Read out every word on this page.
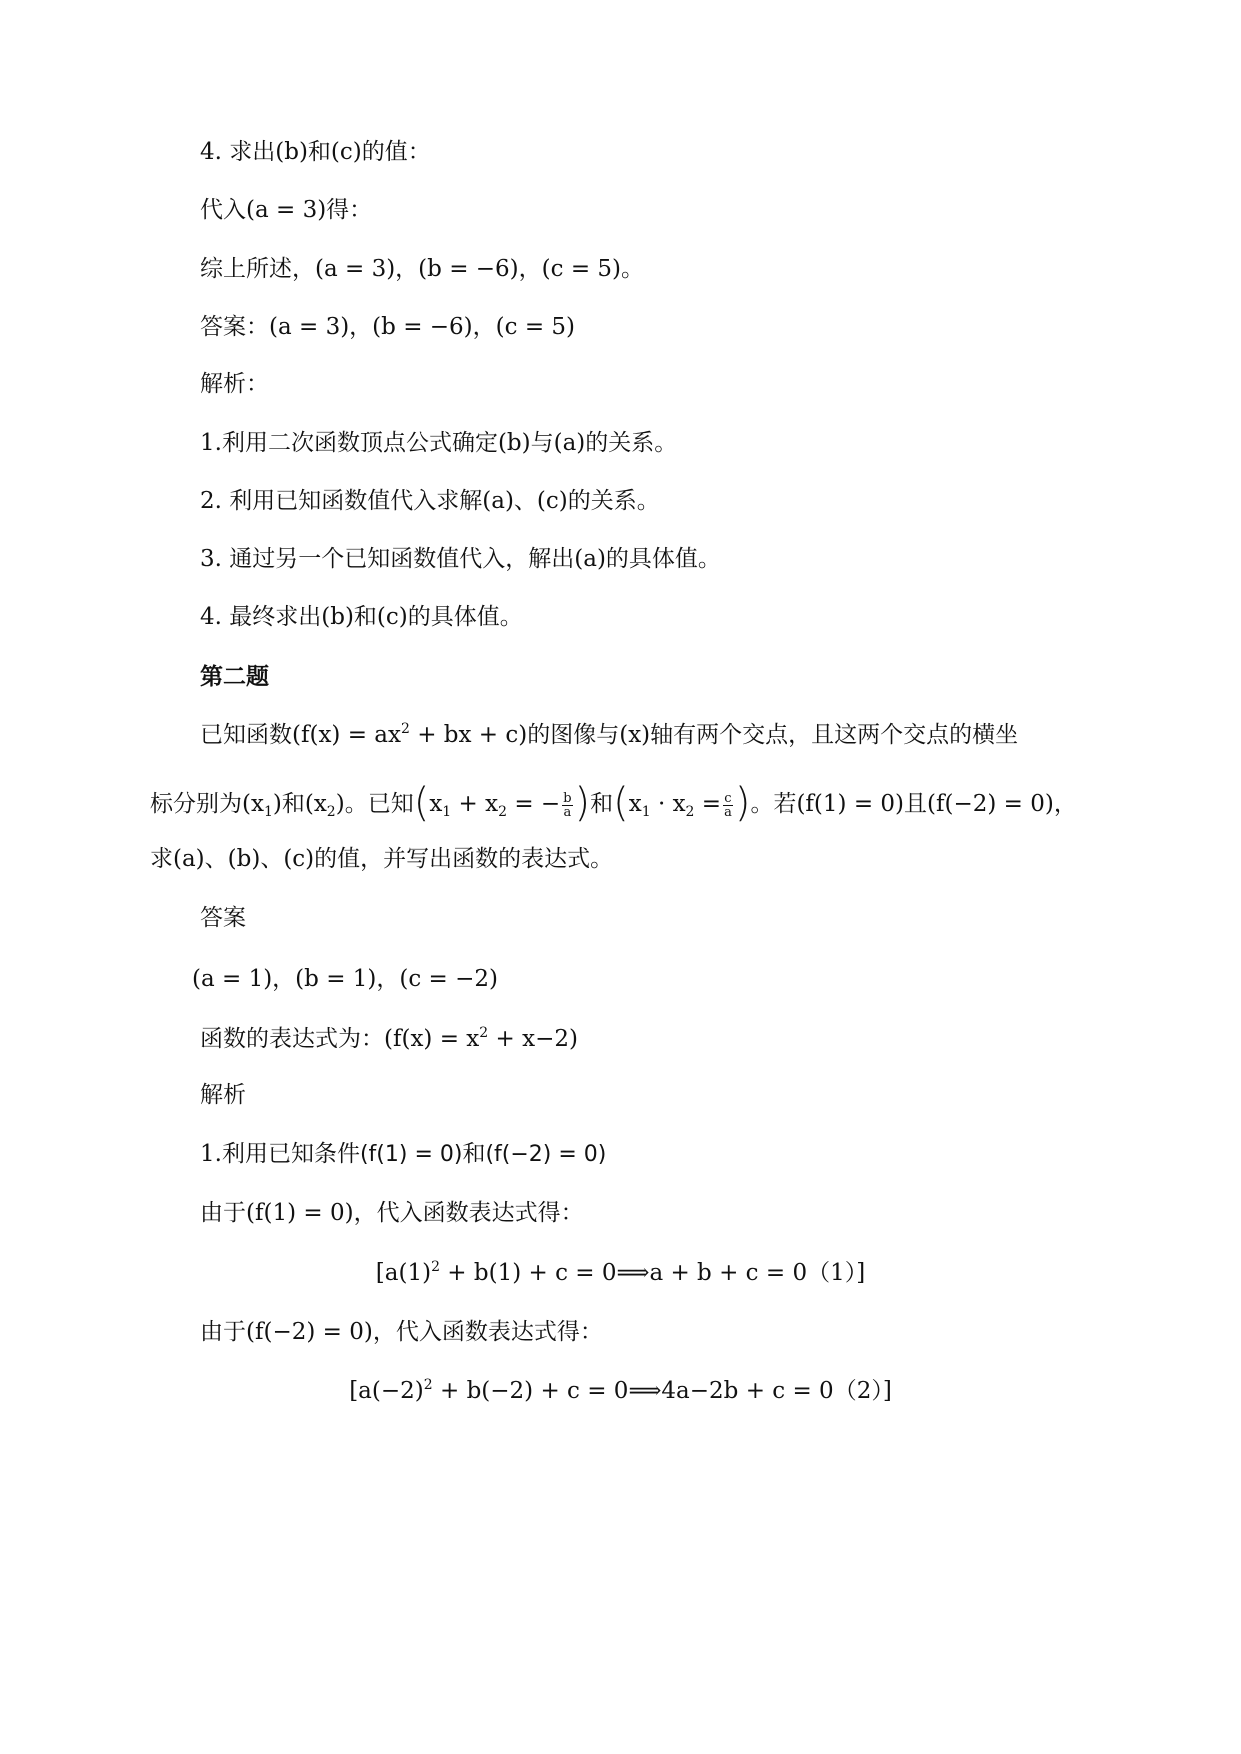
4. 求出(b)和(c)的值：
代入(a = 3)得：
综上所述，(a = 3)，(b = −6)，(c = 5)。
答案：(a = 3)，(b = −6)，(c = 5)
解析：
1.利用二次函数顶点公式确定(b)与(a)的关系。
2. 利用已知函数值代入求解(a)、(c)的关系。
3. 通过另一个已知函数值代入，解出(a)的具体值。
4. 最终求出(b)和(c)的具体值。
第二题
已知函数($f(x) = ax^2$ + bx + c)的图像与(x)轴有两个交点，且这两个交点的横坐
标分别为$(x_1)$和$(x_2)$。已知($x_1 + x_2$ = − $\frac{b}{a}$ )和($x_1 \cdot x_2 = \frac{c}{a}$ )。若(f(1) = 0)且(f(−2) = 0)，
求(a)、(b)、(c)的值，并写出函数的表达式。
答案
(a = 1)，(b = 1)，(c = −2)
函数的表达式为：$(f(x) = x^2 + x-2)$
解析
1.利用已知条件(f(1) = 0)和(f(−2) = 0)
由于(f(1) = 0)，代入函数表达式得：
[$a(1)^2 + b(1) + c$ = 0⟹a + b + c = 0（1）]
由于(f(−2) = 0)，代入函数表达式得：
[$a(-2)^2 + b(-2) + c$ = 0⟹4a−2b + c = 0（2）]
